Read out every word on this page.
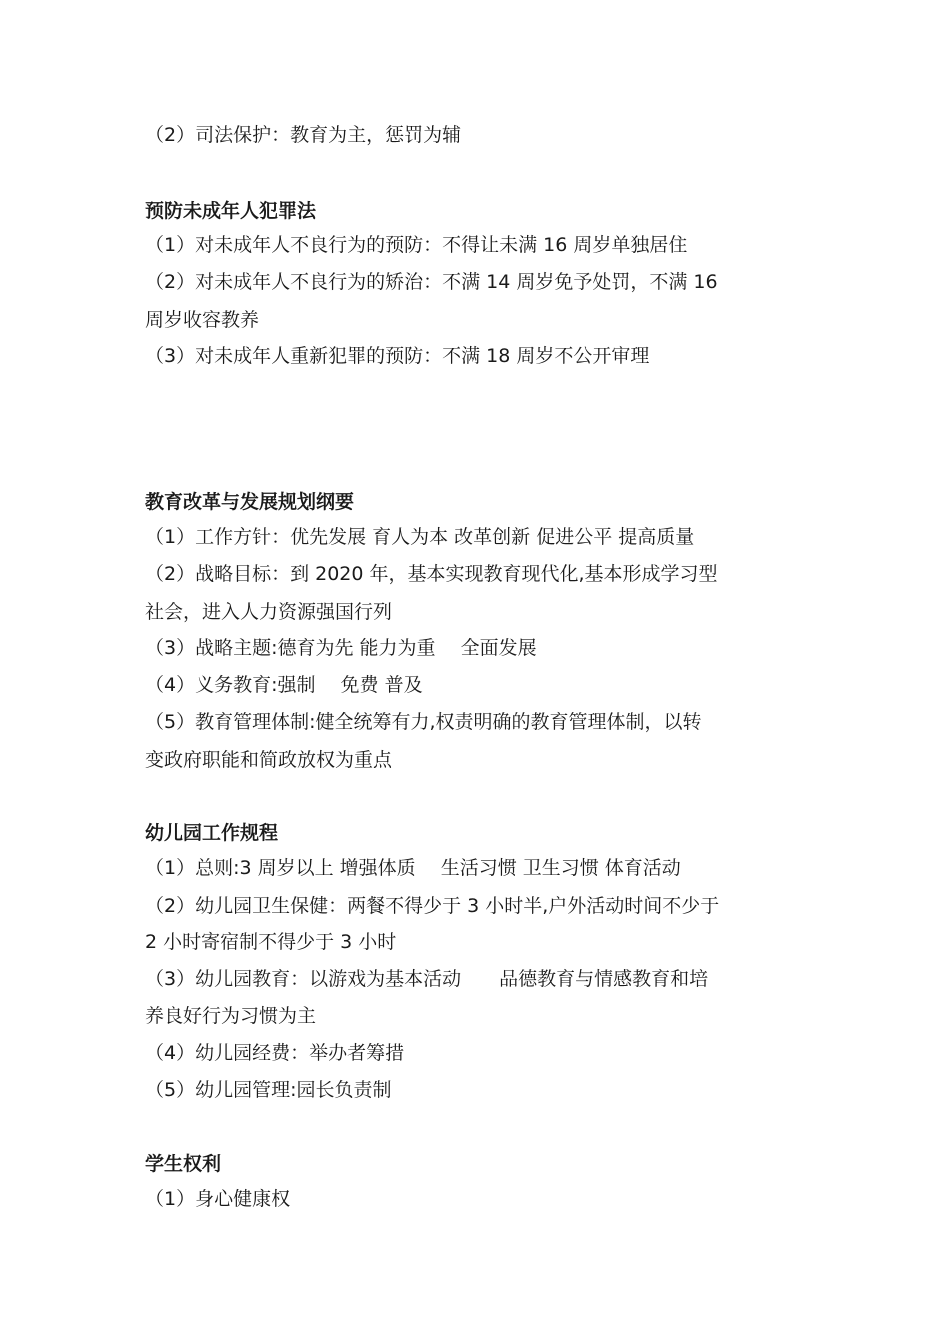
（2）司法保护：教育为主，惩罚为辅
预防未成年人犯罪法
（1）对未成年人不良行为的预防：不得让未满 16 周岁单独居住
（2）对未成年人不良行为的矫治：不满 14 周岁免予处罚，不满 16
周岁收容教养
（3）对未成年人重新犯罪的预防：不满 18 周岁不公开审理
教育改革与发展规划纲要
（1）工作方针：优先发展 育人为本 改革创新 促进公平 提高质量
（2）战略目标：到 2020 年，基本实现教育现代化,基本形成学习型
社会，进入人力资源强国行列
（3）战略主题:德育为先 能力为重　 全面发展
（4）义务教育:强制　 免费 普及
（5）教育管理体制:健全统筹有力,权责明确的教育管理体制，以转
变政府职能和简政放权为重点
幼儿园工作规程
（1）总则:3 周岁以上 增强体质　 生活习惯 卫生习惯 体育活动
（2）幼儿园卫生保健：两餐不得少于 3 小时半,户外活动时间不少于
2 小时寄宿制不得少于 3 小时
（3）幼儿园教育：以游戏为基本活动　　品德教育与情感教育和培
养良好行为习惯为主
（4）幼儿园经费：举办者筹措
（5）幼儿园管理:园长负责制
学生权利
（1）身心健康权
